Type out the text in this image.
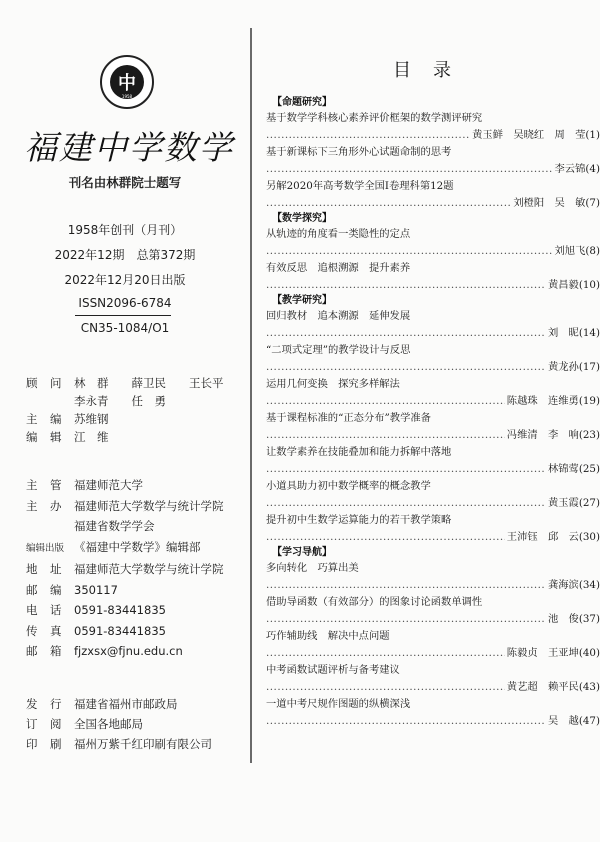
中
1958
福建中学数学
刊名由林群院士题写
1958年创刊（月刊）
2022年12期　总第372期
2022年12月20日出版
ISSN2096-6784
CN35-1084/O1
顾 问 林　群　　薛卫民　　王长平
李永青　　任　勇
主 编 苏维钢
编 辑 江　维
主 管 福建师范大学
主 办 福建师范大学数学与统计学院
福建省数学学会
编辑出版 《福建中学数学》编辑部
地 址 福建师范大学数学与统计学院
邮 编 350117
电 话 0591-83441835
传 真 0591-83441835
邮 箱 fjzxsx@fjnu.edu.cn
发 行 福建省福州市邮政局
订 阅 全国各地邮局
印 刷 福州万紫千红印刷有限公司
目录
【命题研究】
基于数学学科核心素养评价框架的数学测评研究
.....
黄玉鲜　吴晓红　周　莹 (1)
基于新课标下三角形外心试题命制的思考
.....
李云锦 (4)
另解2020年高考数学全国I卷理科第12题
.....
刘橙阳　吴　敏 (7)
【数学探究】
从轨迹的角度看一类隐性的定点
.....
刘旭飞 (8)
有效反思　追根溯源　提升素养
.....
黄昌毅 (10)
【教学研究】
回归教材　追本溯源　延伸发展
.....
刘　昵 (14)
“二项式定理”的教学设计与反思
.....
黄龙孙 (17)
运用几何变换　探究多样解法
.....
陈越珠　连维勇 (19)
基于课程标准的“正态分布”教学准备
.....
冯维清　李　响 (23)
让数学素养在技能叠加和能力拆解中落地
.....
林锦莺 (25)
小道具助力初中数学概率的概念教学
.....
黄玉霞 (27)
提升初中生数学运算能力的若干教学策略
.....
王沛钰　邱　云 (30)
【学习导航】
多向转化　巧算出美
.....
龚海滨 (34)
借助导函数（有效部分）的图象讨论函数单调性
.....
池　俊 (37)
巧作辅助线　解决中点问题
.....
陈毅贞　王亚坤 (40)
中考函数试题评析与备考建议
.....
黄艺超　赖平民 (43)
一道中考尺规作图题的纵横深浅
.....
吴　越 (47)
